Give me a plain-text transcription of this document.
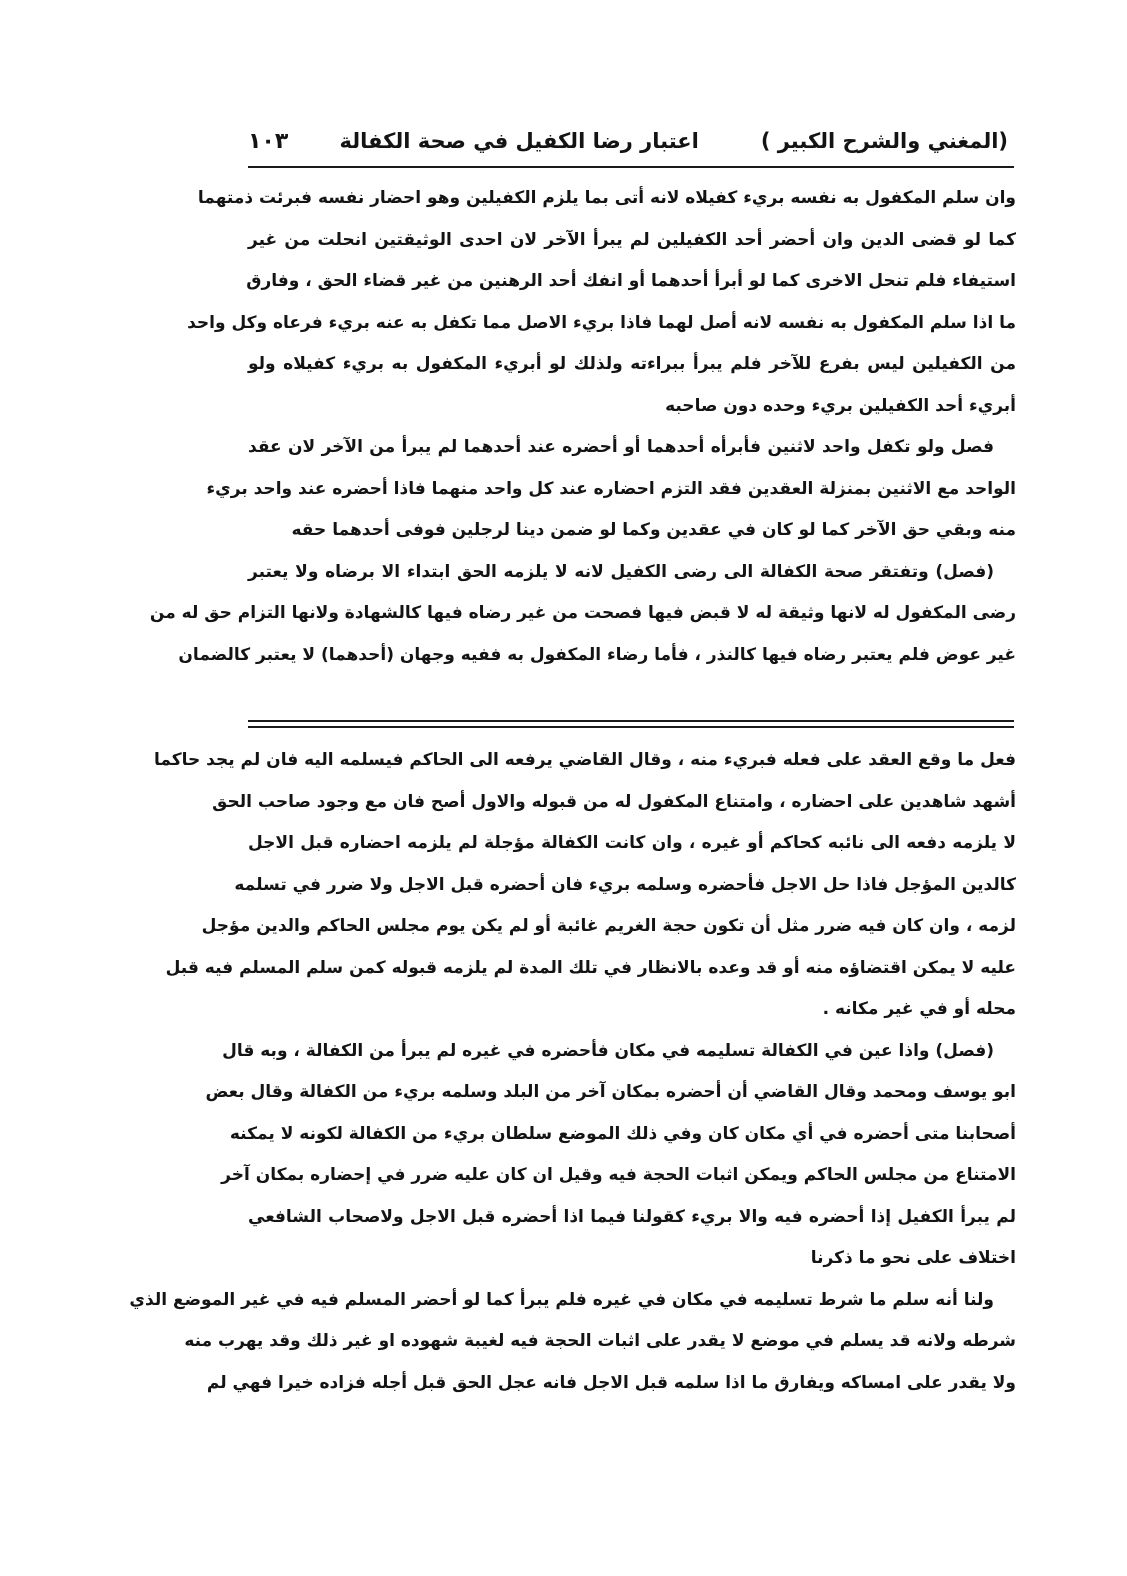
(المغني والشرح الكبير )
اعتبار رضا الكفيل في صحة الكفالة
١٠٣
وان سلم المكفول به نفسه بريء كفيلاه لانه أتى بما يلزم الكفيلين وهو احضار نفسه فبرئت ذمتهما
كما لو قضى الدين وان أحضر أحد الكفيلين لم يبرأ الآخر لان احدى الوثيقتين انحلت من غير
استيفاء فلم تنحل الاخرى كما لو أبرأ أحدهما أو انفك أحد الرهنين من غير قضاء الحق ، وفارق
ما اذا سلم المكفول به نفسه لانه أصل لهما فاذا بريء الاصل مما تكفل به عنه بريء فرعاه وكل واحد
من الكفيلين ليس بفرع للآخر فلم يبرأ ببراءته ولذلك لو أبريء المكفول به بريء كفيلاه ولو
أبريء أحد الكفيلين بريء وحده دون صاحبه
فصل ولو تكفل واحد لاثنين فأبرأه أحدهما أو أحضره عند أحدهما لم يبرأ من الآخر لان عقد
الواحد مع الاثنين بمنزلة العقدين فقد التزم احضاره عند كل واحد منهما فاذا أحضره عند واحد بريء
منه وبقي حق الآخر كما لو كان في عقدين وكما لو ضمن دينا لرجلين فوفى أحدهما حقه
(فصل) وتفتقر صحة الكفالة الى رضى الكفيل لانه لا يلزمه الحق ابتداء الا برضاه ولا يعتبر
رضى المكفول له لانها وثيقة له لا قبض فيها فصحت من غير رضاه فيها كالشهادة ولانها التزام حق له من
غير عوض فلم يعتبر رضاه فيها كالنذر ، فأما رضاء المكفول به ففيه وجهان (أحدهما) لا يعتبر كالضمان
فعل ما وقع العقد على فعله فبريء منه ، وقال القاضي يرفعه الى الحاكم فيسلمه اليه فان لم يجد حاكما
أشهد شاهدين على احضاره ، وامتناع المكفول له من قبوله والاول أصح فان مع وجود صاحب الحق
لا يلزمه دفعه الى نائبه كحاكم أو غيره ، وان كانت الكفالة مؤجلة لم يلزمه احضاره قبل الاجل
كالدين المؤجل فاذا حل الاجل فأحضره وسلمه بريء فان أحضره قبل الاجل ولا ضرر في تسلمه
لزمه ، وان كان فيه ضرر مثل أن تكون حجة الغريم غائبة أو لم يكن يوم مجلس الحاكم والدين مؤجل
عليه لا يمكن اقتضاؤه منه أو قد وعده بالانظار في تلك المدة لم يلزمه قبوله كمن سلم المسلم فيه قبل
محله أو في غير مكانه .
(فصل) واذا عين في الكفالة تسليمه في مكان فأحضره في غيره لم يبرأ من الكفالة ، وبه قال
ابو يوسف ومحمد وقال القاضي أن أحضره بمكان آخر من البلد وسلمه بريء من الكفالة وقال بعض
أصحابنا متى أحضره في أي مكان كان وفي ذلك الموضع سلطان بريء من الكفالة لكونه لا يمكنه
الامتناع من مجلس الحاكم ويمكن اثبات الحجة فيه وقيل ان كان عليه ضرر في إحضاره بمكان آخر
لم يبرأ الكفيل إذا أحضره فيه والا بريء كقولنا فيما اذا أحضره قبل الاجل ولاصحاب الشافعي
اختلاف على نحو ما ذكرنا
ولنا أنه سلم ما شرط تسليمه في مكان في غيره فلم يبرأ كما لو أحضر المسلم فيه في غير الموضع الذي
شرطه ولانه قد يسلم في موضع لا يقدر على اثبات الحجة فيه لغيبة شهوده او غير ذلك وقد يهرب منه
ولا يقدر على امساكه ويفارق ما اذا سلمه قبل الاجل فانه عجل الحق قبل أجله فزاده خيرا فهي لم
